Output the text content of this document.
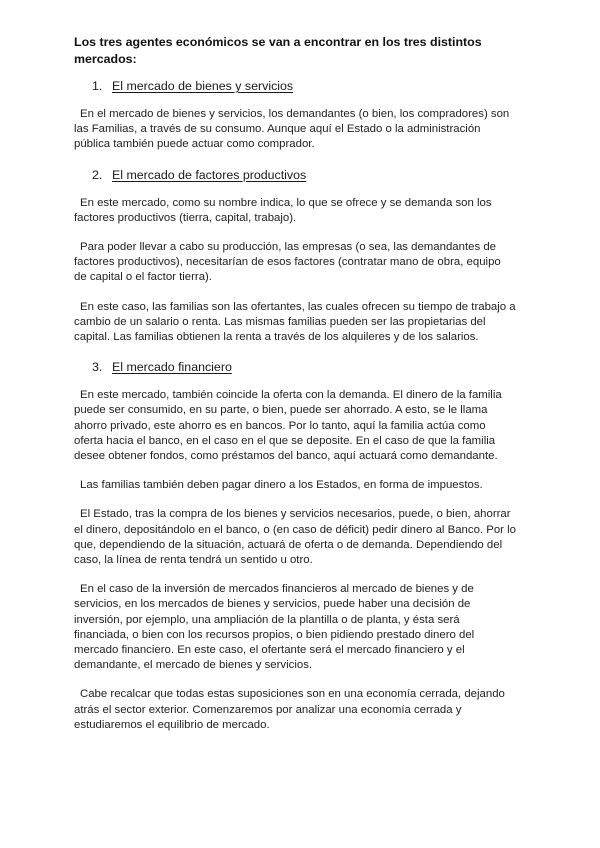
Los tres agentes económicos se van a encontrar en los tres distintos mercados:

1. El mercado de bienes y servicios

En el mercado de bienes y servicios, los demandantes (o bien, los compradores) son las Familias, a través de su consumo. Aunque aquí el Estado o la administración pública también puede actuar como comprador.

2. El mercado de factores productivos

En este mercado, como su nombre indica, lo que se ofrece y se demanda son los factores productivos (tierra, capital, trabajo).

Para poder llevar a cabo su producción, las empresas (o sea, las demandantes de factores productivos), necesitarían de esos factores (contratar mano de obra, equipo de capital o el factor tierra).

En este caso, las familias son las ofertantes, las cuales ofrecen su tiempo de trabajo a cambio de un salario o renta. Las mismas familias pueden ser las propietarias del capital. Las familias obtienen la renta a través de los alquileres y de los salarios.

3. El mercado financiero

En este mercado, también coincide la oferta con la demanda. El dinero de la familia puede ser consumido, en su parte, o bien, puede ser ahorrado. A esto, se le llama ahorro privado, este ahorro es en bancos. Por lo tanto, aquí la familia actúa como oferta hacia el banco, en el caso en el que se deposite. En el caso de que la familia desee obtener fondos, como préstamos del banco, aquí actuará como demandante.

Las familias también deben pagar dinero a los Estados, en forma de impuestos.

El Estado, tras la compra de los bienes y servicios necesarios, puede, o bien, ahorrar el dinero, depositándolo en el banco, o (en caso de déficit) pedir dinero al Banco. Por lo que, dependiendo de la situación, actuará de oferta o de demanda. Dependiendo del caso, la línea de renta tendrá un sentido u otro.

En el caso de la inversión de mercados financieros al mercado de bienes y de servicios, en los mercados de bienes y servicios, puede haber una decisión de inversión, por ejemplo, una ampliación de la plantilla o de planta, y ésta será financiada, o bien con los recursos propios, o bien pidiendo prestado dinero del mercado financiero. En este caso, el ofertante será el mercado financiero y el demandante, el mercado de bienes y servicios.

Cabe recalcar que todas estas suposiciones son en una economía cerrada, dejando atrás el sector exterior. Comenzaremos por analizar una economía cerrada y estudiaremos el equilibrio de mercado.
